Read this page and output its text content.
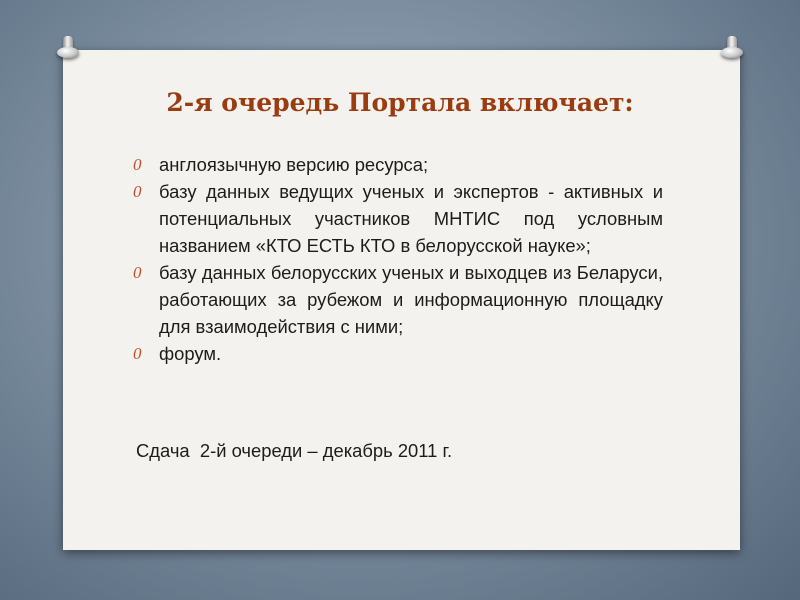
2-я очередь Портала включает:
0 англоязычную версию ресурса;
0 базу данных ведущих ученых и экспертов - активных и потенциальных участников МНТИС под условным названием «КТО ЕСТЬ КТО в белорусской науке»;
0 базу данных белорусских ученых и выходцев из Беларуси, работающих за рубежом и информационную площадку для взаимодействия с ними;
0 форум.

Сдача  2-й очереди – декабрь 2011 г.
